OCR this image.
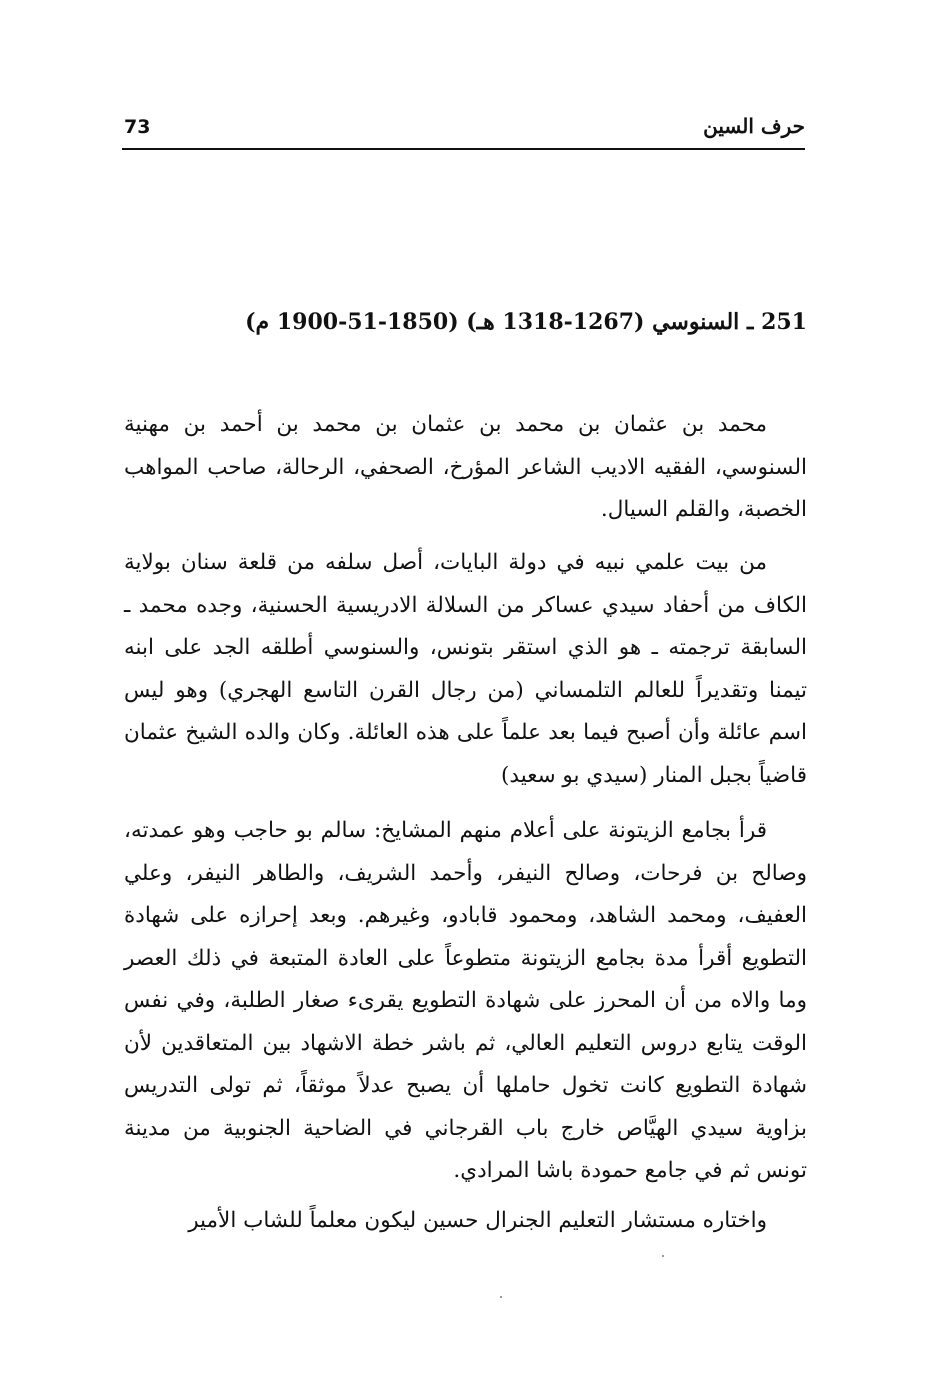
73	حرف السين
251 ـ السنوسي (1267-1318 هـ) (1850-51-1900 م)

محمد بن عثمان بن محمد بن عثمان بن محمد بن أحمد بن مهنية السنوسي، الفقيه الاديب الشاعر المؤرخ، الصحفي، الرحالة، صاحب المواهب الخصبة، والقلم السيال.

من بيت علمي نبيه في دولة البايات، أصل سلفه من قلعة سنان بولاية الكاف من أحفاد سيدي عساكر من السلالة الادريسية الحسنية، وجده محمد ـ السابقة ترجمته ـ هو الذي استقر بتونس، والسنوسي أطلقه الجد على ابنه تيمنا وتقديراً للعالم التلمساني (من رجال القرن التاسع الهجري) وهو ليس اسم عائلة وأن أصبح فيما بعد علماً على هذه العائلة. وكان والده الشيخ عثمان قاضياً بجبل المنار (سيدي بو سعيد)

قرأ بجامع الزيتونة على أعلام منهم المشايخ: سالم بو حاجب وهو عمدته، وصالح بن فرحات، وصالح النيفر، وأحمد الشريف، والطاهر النيفر، وعلي العفيف، ومحمد الشاهد، ومحمود قابادو، وغيرهم. وبعد إحرازه على شهادة التطويع أقرأ مدة بجامع الزيتونة متطوعاً على العادة المتبعة في ذلك العصر وما والاه من أن المحرز على شهادة التطويع يقرىء صغار الطلبة، وفي نفس الوقت يتابع دروس التعليم العالي، ثم باشر خطة الاشهاد بين المتعاقدين لأن شهادة التطويع كانت تخول حاملها أن يصبح عدلاً موثقاً، ثم تولى التدريس بزاوية سيدي الهيَّاص خارج باب القرجاني في الضاحية الجنوبية من مدينة تونس ثم في جامع حمودة باشا المرادي.

واختاره مستشار التعليم الجنرال حسين ليكون معلماً للشاب الأمير
